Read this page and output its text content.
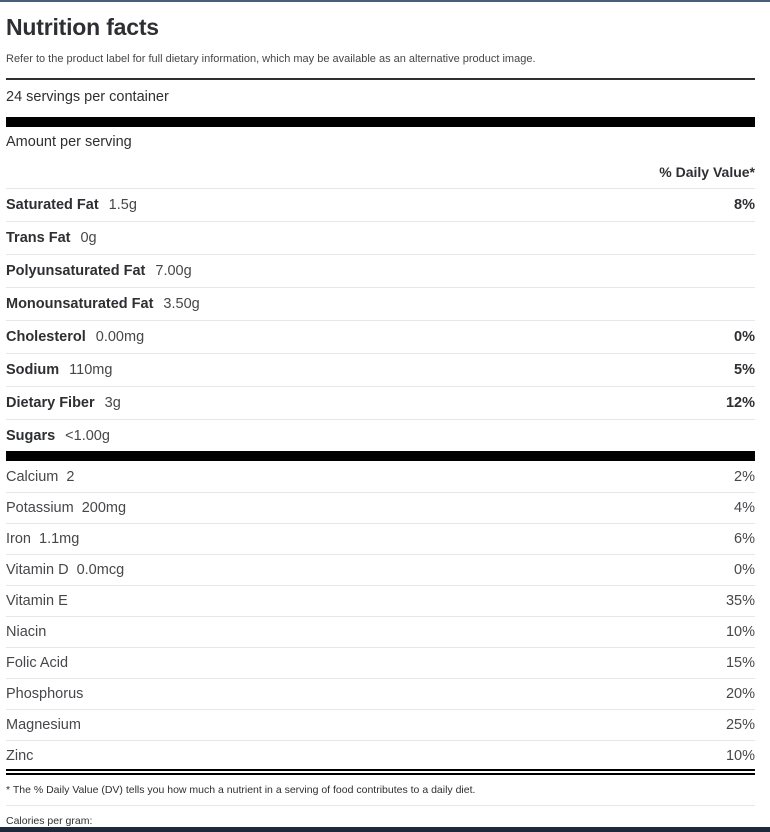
Nutrition facts
Refer to the product label for full dietary information, which may be available as an alternative product image.
24 servings per container
Amount per serving
% Daily Value*
Saturated Fat 1.5g	8%
Trans Fat 0g
Polyunsaturated Fat 7.00g
Monounsaturated Fat 3.50g
Cholesterol 0.00mg	0%
Sodium 110mg	5%
Dietary Fiber 3g	12%
Sugars <1.00g
Calcium 2	2%
Potassium 200mg	4%
Iron 1.1mg	6%
Vitamin D 0.0mcg	0%
Vitamin E	35%
Niacin	10%
Folic Acid	15%
Phosphorus	20%
Magnesium	25%
Zinc	10%
* The % Daily Value (DV) tells you how much a nutrient in a serving of food contributes to a daily diet.
Calories per gram:
